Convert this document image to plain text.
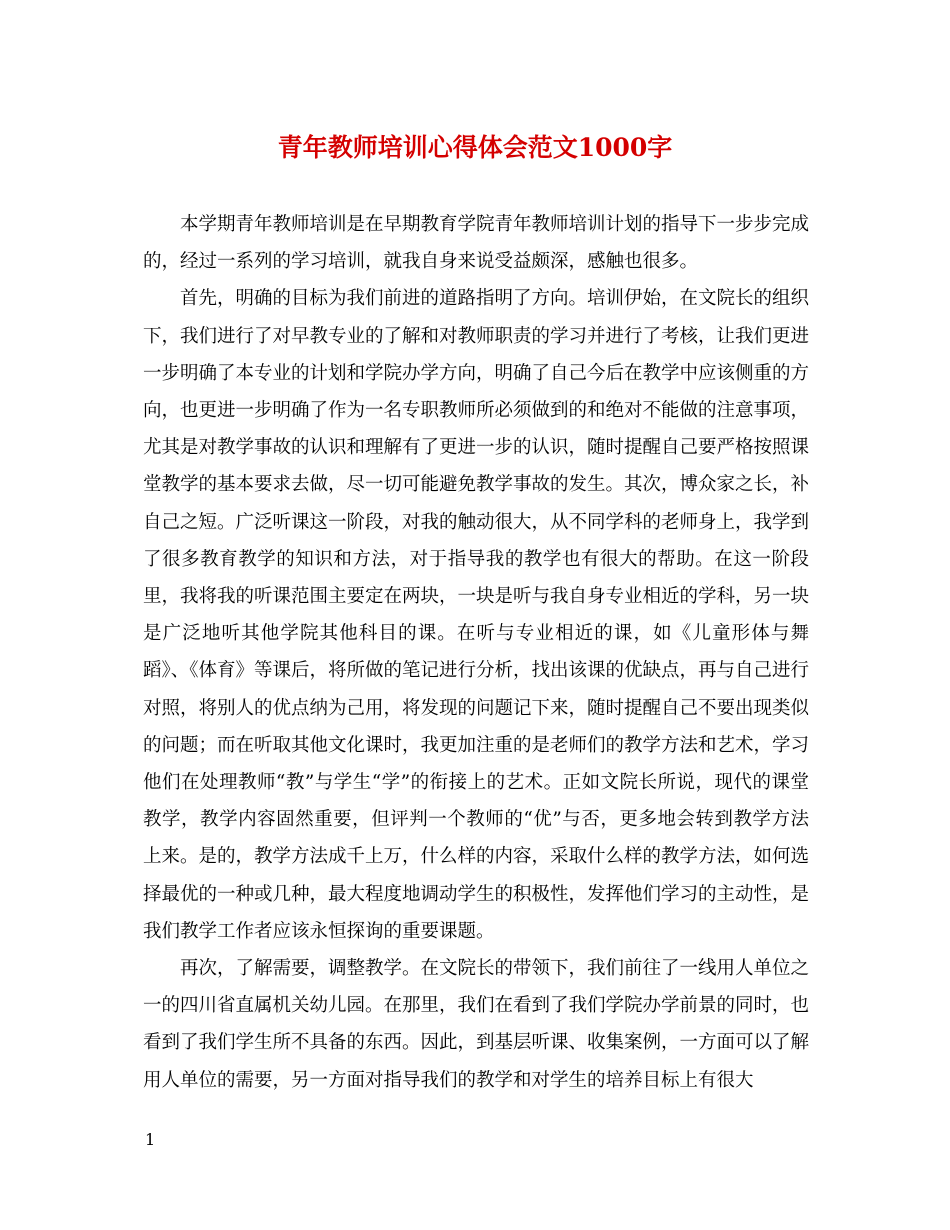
青年教师培训心得体会范文1000字

本学期青年教师培训是在早期教育学院青年教师培训计划的指导下一步步完成的，经过一系列的学习培训，就我自身来说受益颇深，感触也很多。

首先，明确的目标为我们前进的道路指明了方向。培训伊始，在文院长的组织下，我们进行了对早教专业的了解和对教师职责的学习并进行了考核，让我们更进一步明确了本专业的计划和学院办学方向，明确了自己今后在教学中应该侧重的方向，也更进一步明确了作为一名专职教师所必须做到的和绝对不能做的注意事项，尤其是对教学事故的认识和理解有了更进一步的认识，随时提醒自己要严格按照课堂教学的基本要求去做，尽一切可能避免教学事故的发生。其次，博众家之长，补自己之短。广泛听课这一阶段，对我的触动很大，从不同学科的老师身上，我学到了很多教育教学的知识和方法，对于指导我的教学也有很大的帮助。在这一阶段里，我将我的听课范围主要定在两块，一块是听与我自身专业相近的学科，另一块是广泛地听其他学院其他科目的课。在听与专业相近的课，如《儿童形体与舞蹈》、《体育》等课后，将所做的笔记进行分析，找出该课的优缺点，再与自己进行对照，将别人的优点纳为己用，将发现的问题记下来，随时提醒自己不要出现类似的问题；而在听取其他文化课时，我更加注重的是老师们的教学方法和艺术，学习他们在处理教师“教”与学生“学”的衔接上的艺术。正如文院长所说，现代的课堂教学，教学内容固然重要，但评判一个教师的“优”与否，更多地会转到教学方法上来。是的，教学方法成千上万，什么样的内容，采取什么样的教学方法，如何选择最优的一种或几种，最大程度地调动学生的积极性，发挥他们学习的主动性，是我们教学工作者应该永恒探询的重要课题。

再次，了解需要，调整教学。在文院长的带领下，我们前往了一线用人单位之一的四川省直属机关幼儿园。在那里，我们在看到了我们学院办学前景的同时，也看到了我们学生所不具备的东西。因此，到基层听课、收集案例，一方面可以了解用人单位的需要，另一方面对指导我们的教学和对学生的培养目标上有很大

1
